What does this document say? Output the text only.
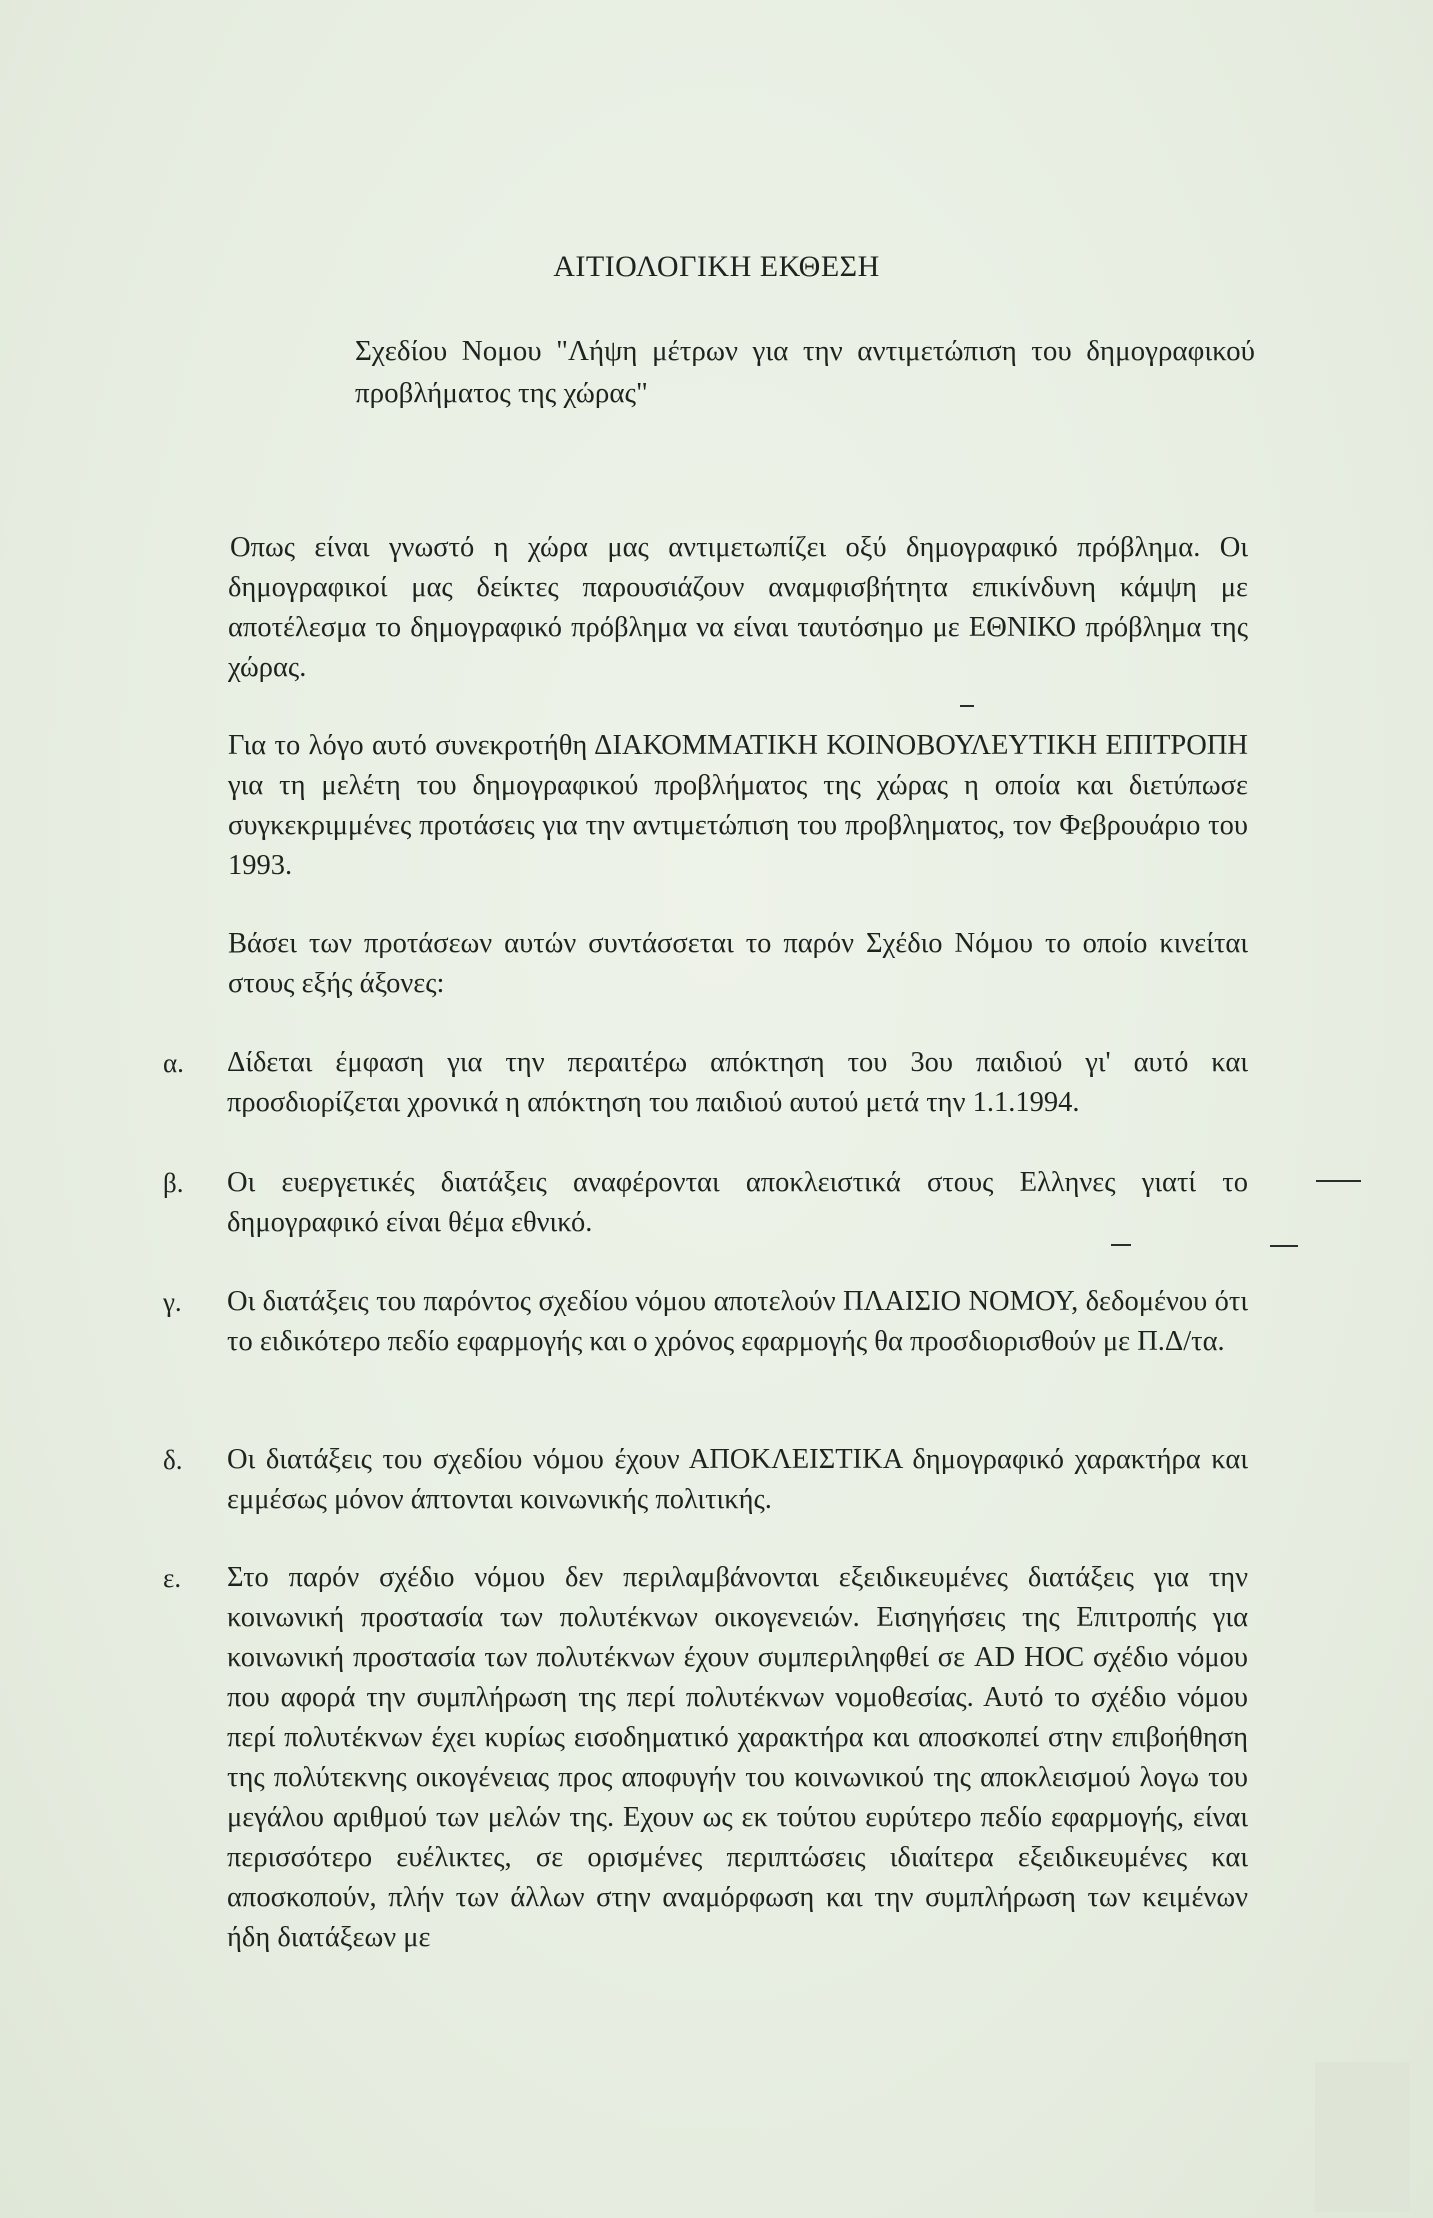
ΑΙΤΙΟΛΟΓΙΚΗ ΕΚΘΕΣΗ
Σχεδίου Νομου "Λήψη μέτρων για την αντιμετώπιση του δημογραφικού προβλήματος της χώρας"
Οπως είναι γνωστό η χώρα μας αντιμετωπίζει οξύ δημογραφικό πρόβλημα. Οι δημογραφικοί μας δείκτες παρουσιάζουν αναμφισβήτητα επικίνδυνη κάμψη με αποτέλεσμα το δημογραφικό πρόβλημα να είναι ταυτόσημο με ΕΘΝΙΚΟ πρόβλημα της χώρας.
Για το λόγο αυτό συνεκροτήθη ΔΙΑΚΟΜΜΑΤΙΚΗ ΚΟΙΝΟΒΟΥΛΕΥΤΙΚΗ ΕΠΙΤΡΟΠΗ για τη μελέτη του δημογραφικού προβλήματος της χώρας η οποία και διετύπωσε συγκεκριμμένες προτάσεις για την αντιμετώπιση του προβληματος, τον Φεβρουάριο του 1993.
Βάσει των προτάσεων αυτών συντάσσεται το παρόν Σχέδιο Νόμου το οποίο κινείται στους εξής άξονες:
α.	Δίδεται έμφαση για την περαιτέρω απόκτηση του 3ου παιδιού γι' αυτό και προσδιορίζεται χρονικά η απόκτηση του παιδιού αυτού μετά την 1.1.1994.
β.	Οι ευεργετικές διατάξεις αναφέρονται αποκλειστικά στους Ελληνες γιατί το δημογραφικό είναι θέμα εθνικό.
γ.	Οι διατάξεις του παρόντος σχεδίου νόμου αποτελούν ΠΛΑΙΣΙΟ ΝΟΜΟΥ, δεδομένου ότι το ειδικότερο πεδίο εφαρμογής και ο χρόνος εφαρμογής θα προσδιορισθούν με Π.Δ/τα.
δ.	Οι διατάξεις του σχεδίου νόμου έχουν ΑΠΟΚΛΕΙΣΤΙΚΑ δημογραφικό χαρακτήρα και εμμέσως μόνον άπτονται κοινωνικής πολιτικής.
ε.	Στο παρόν σχέδιο νόμου δεν περιλαμβάνονται εξειδικευμένες διατάξεις για την κοινωνική προστασία των πολυτέκνων οικογενειών. Εισηγήσεις της Επιτροπής για κοινωνική προστασία των πολυτέκνων έχουν συμπεριληφθεί σε AD HOC σχέδιο νόμου που αφορά την συμπλήρωση της περί πολυτέκνων νομοθεσίας. Αυτό το σχέδιο νόμου περί πολυτέκνων έχει κυρίως εισοδηματικό χαρακτήρα και αποσκοπεί στην επιβοήθηση της πολύτεκνης οικογένειας προς αποφυγήν του κοινωνικού της αποκλεισμού λογω του μεγάλου αριθμού των μελών της. Εχουν ως εκ τούτου ευρύτερο πεδίο εφαρμογής, είναι περισσότερο ευέλικτες, σε ορισμένες περιπτώσεις ιδιαίτερα εξειδικευμένες και αποσκοπούν, πλήν των άλλων στην αναμόρφωση και την συμπλήρωση των κειμένων ήδη διατάξεων με
